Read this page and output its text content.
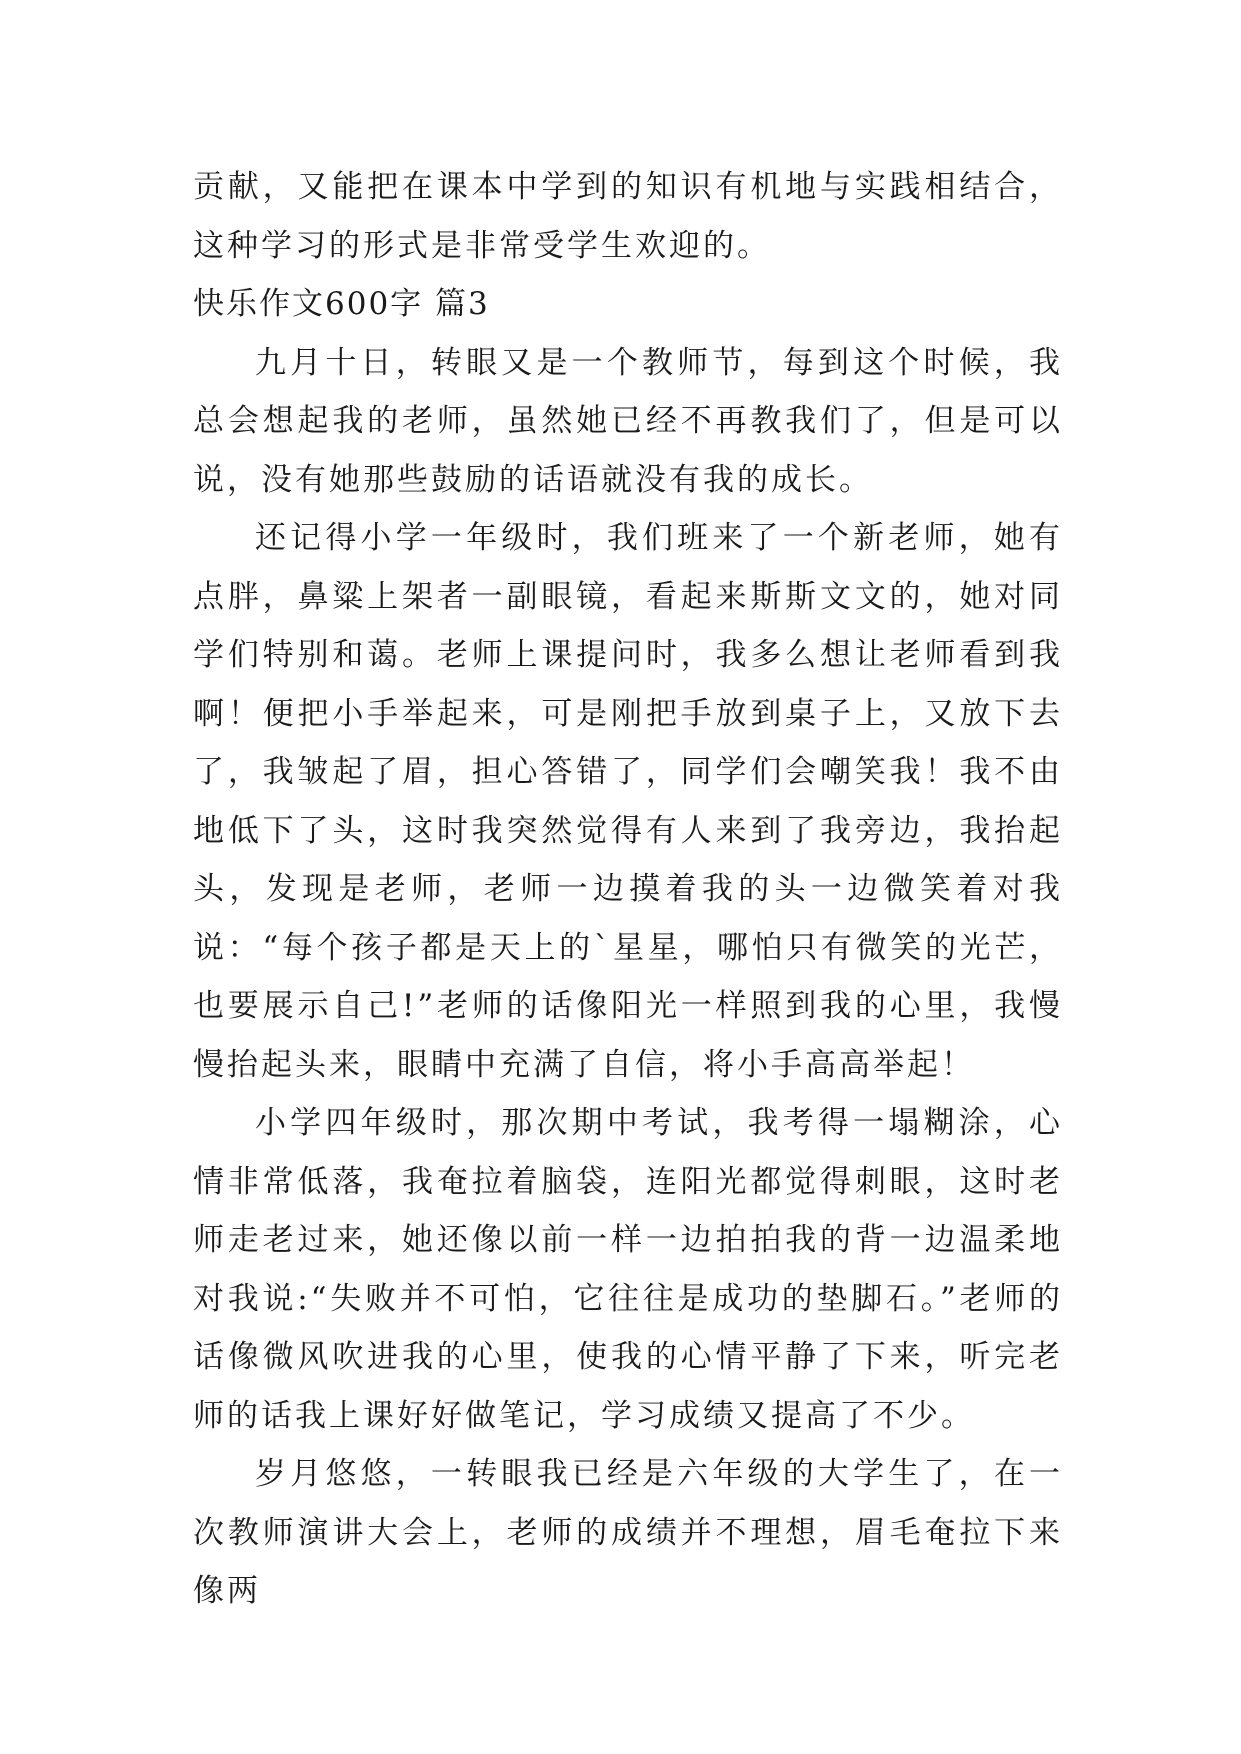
贡献，又能把在课本中学到的知识有机地与实践相结合，这种学习的形式是非常受学生欢迎的。

快乐作文600字 篇3

九月十日，转眼又是一个教师节，每到这个时候，我总会想起我的老师，虽然她已经不再教我们了，但是可以说，没有她那些鼓励的话语就没有我的成长。

还记得小学一年级时，我们班来了一个新老师，她有点胖，鼻粱上架者一副眼镜，看起来斯斯文文的，她对同学们特别和蔼。老师上课提问时，我多么想让老师看到我啊！便把小手举起来，可是刚把手放到桌子上，又放下去了，我皱起了眉，担心答错了，同学们会嘲笑我！我不由地低下了头，这时我突然觉得有人来到了我旁边，我抬起头，发现是老师，老师一边摸着我的头一边微笑着对我说：“每个孩子都是天上的`星星，哪怕只有微笑的光芒，也要展示自己!”老师的话像阳光一样照到我的心里，我慢慢抬起头来，眼睛中充满了自信，将小手高高举起！

小学四年级时，那次期中考试，我考得一塌糊涂，心情非常低落，我奄拉着脑袋，连阳光都觉得刺眼，这时老师走老过来，她还像以前一样一边拍拍我的背一边温柔地对我说:“失败并不可怕，它往往是成功的垫脚石。”老师的话像微风吹进我的心里，使我的心情平静了下来，听完老师的话我上课好好做笔记，学习成绩又提高了不少。

岁月悠悠，一转眼我已经是六年级的大学生了，在一次教师演讲大会上，老师的成绩并不理想，眉毛奄拉下来像两
